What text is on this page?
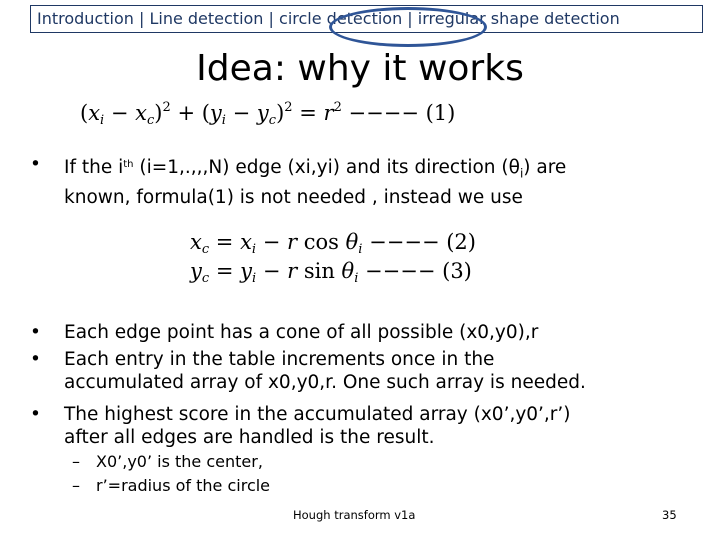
Introduction | Line detection | circle detection | irregular shape detection
Idea: why it works
$(x_i - x_c)^2 + (y_i - y_c)^2 = r^2$ −−−− (1)
•	If the $i^{th}$ (i=1,.,,,N) edge (xi,yi) and its direction $(\theta_i)$ are
known, formula(1) is not needed , instead we use
$x_c = x_i - r$ $\cos \theta_i$ −−−− (2)
$y_c = y_i - r$ $\sin \theta_i$ −−−− (3)
•	Each edge point has a cone of all possible (x0,y0),r
•	Each entry in the table increments once in the
accumulated array of x0,y0,r. One such array is needed.
•	The highest score in the accumulated array (x0’,y0’,r’)
after all edges are handled is the result.
– X0’,y0’ is the center,
– r’=radius of the circle
Hough transform v1a	35
